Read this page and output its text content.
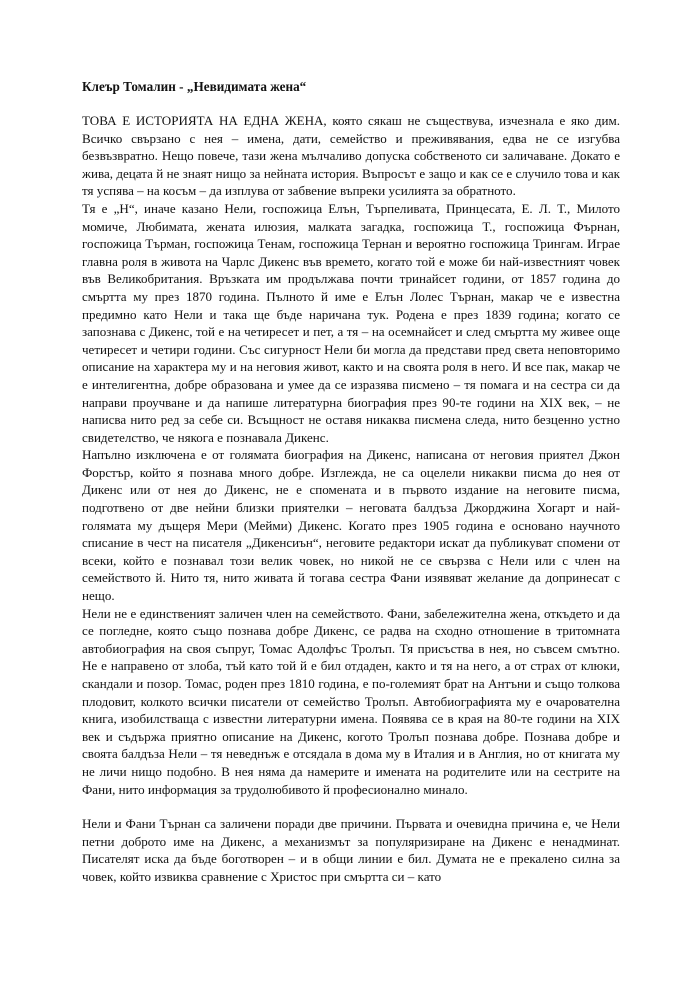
Клеър Томалин - „Невидимата жена“

ТОВА Е ИСТОРИЯТА НА ЕДНА ЖЕНА, която сякаш не съществува, изчезнала е яко дим. Всичко свързано с нея – имена, дати, семейство и преживявания, едва не се изгубва безвъзвратно. Нещо повече, тази жена мълчаливо допуска собственото си заличаване. Докато е жива, децата й не знаят нищо за нейната история. Въпросът е защо и как се е случило това и как тя успява – на косъм – да изплува от забвение въпреки усилията за обратното.

Тя е „Н“, иначе казано Нели, госпожица Елън, Търпеливата, Принцесата, Е. Л. Т., Милото момиче, Любимата, жената илюзия, малката загадка, госпожица Т., госпожица Фърнан, госпожица Търман, госпожица Тенам, госпожица Тернан и вероятно госпожица Трингам. Играе главна роля в живота на Чарлс Дикенс във времето, когато той е може би най-известният човек във Великобритания. Връзката им продължава почти тринайсет години, от 1857 година до смъртта му през 1870 година. Пълното й име е Елън Лолес Търнан, макар че е известна предимно като Нели и така ще бъде наричана тук. Родена е през 1839 година; когато се запознава с Дикенс, той е на четиресет и пет, а тя – на осемнайсет и след смъртта му живее още четиресет и четири години. Със сигурност Нели би могла да представи пред света неповторимо описание на характера му и на неговия живот, както и на своята роля в него. И все пак, макар че е интелигентна, добре образована и умее да се изразява писмено – тя помага и на сестра си да направи проучване и да напише литературна биография през 90-те години на XIX век, – не написва нито ред за себе си. Всъщност не оставя никаква писмена следа, нито безценно устно свидетелство, че някога е познавала Дикенс.

Напълно изключена е от голямата биография на Дикенс, написана от неговия приятел Джон Форстър, който я познава много добре. Изглежда, не са оцелели никакви писма до нея от Дикенс или от нея до Дикенс, не е спомената и в първото издание на неговите писма, подготвено от две нейни близки приятелки – неговата балдъза Джорджина Хогарт и най-голямата му дъщеря Мери (Мейми) Дикенс. Когато през 1905 година е основано научното списание в чест на писателя „Дикенсиън“, неговите редактори искат да публикуват спомени от всеки, който е познавал този велик човек, но никой не се свързва с Нели или с член на семейството й. Нито тя, нито живата й тогава сестра Фани изявяват желание да допринесат с нещо.

Нели не е единственият заличен член на семейството. Фани, забележителна жена, откъдето и да се погледне, която също познава добре Дикенс, се радва на сходно отношение в тритомната автобиография на своя съпруг, Томас Адолфъс Тролъп. Тя присъства в нея, но съвсем смътно. Не е направено от злоба, тъй като той й е бил отдаден, както и тя на него, а от страх от клюки, скандали и позор. Томас, роден през 1810 година, е по-големият брат на Антъни и също толкова плодовит, колкото всички писатели от семейство Тролъп. Автобиографията му е очарователна книга, изобилстваща с известни литературни имена. Появява се в края на 80-те години на XIX век и съдържа приятно описание на Дикенс, когото Тролъп познава добре. Познава добре и своята балдъза Нели – тя неведнъж е отсядала в дома му в Италия и в Англия, но от книгата му не личи нищо подобно. В нея няма да намерите и имената на родителите или на сестрите на Фани, нито информация за трудолюбивото й професионално минало.

Нели и Фани Търнан са заличени поради две причини. Първата и очевидна причина е, че Нели петни доброто име на Дикенс, а механизмът за популяризиране на Дикенс е ненадминат. Писателят иска да бъде боготворен – и в общи линии е бил. Думата не е прекалено силна за човек, който извиква сравнение с Христос при смъртта си – като
